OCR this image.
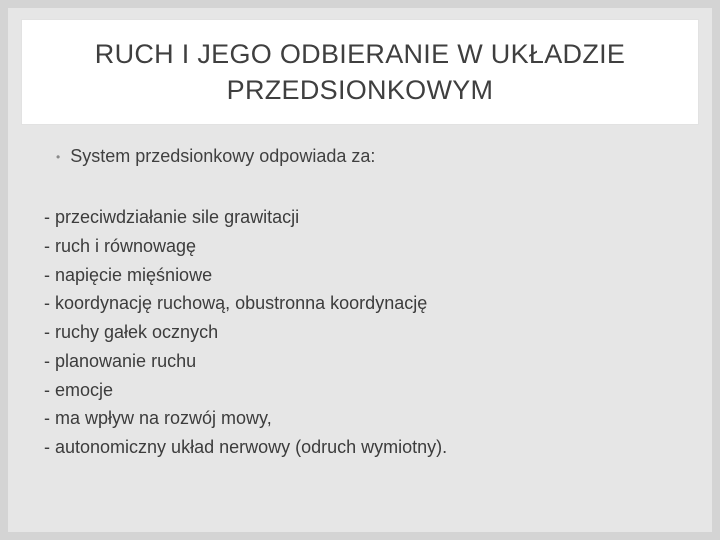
RUCH I JEGO ODBIERANIE W UKŁADZIE
PRZEDSIONKOWYM
• System przedsionkowy odpowiada za:
- przeciwdziałanie sile grawitacji
- ruch i równowagę
- napięcie mięśniowe
- koordynację ruchową, obustronna koordynację
- ruchy gałek ocznych
- planowanie ruchu
- emocje
- ma wpływ na rozwój mowy,
- autonomiczny układ nerwowy (odruch wymiotny).
